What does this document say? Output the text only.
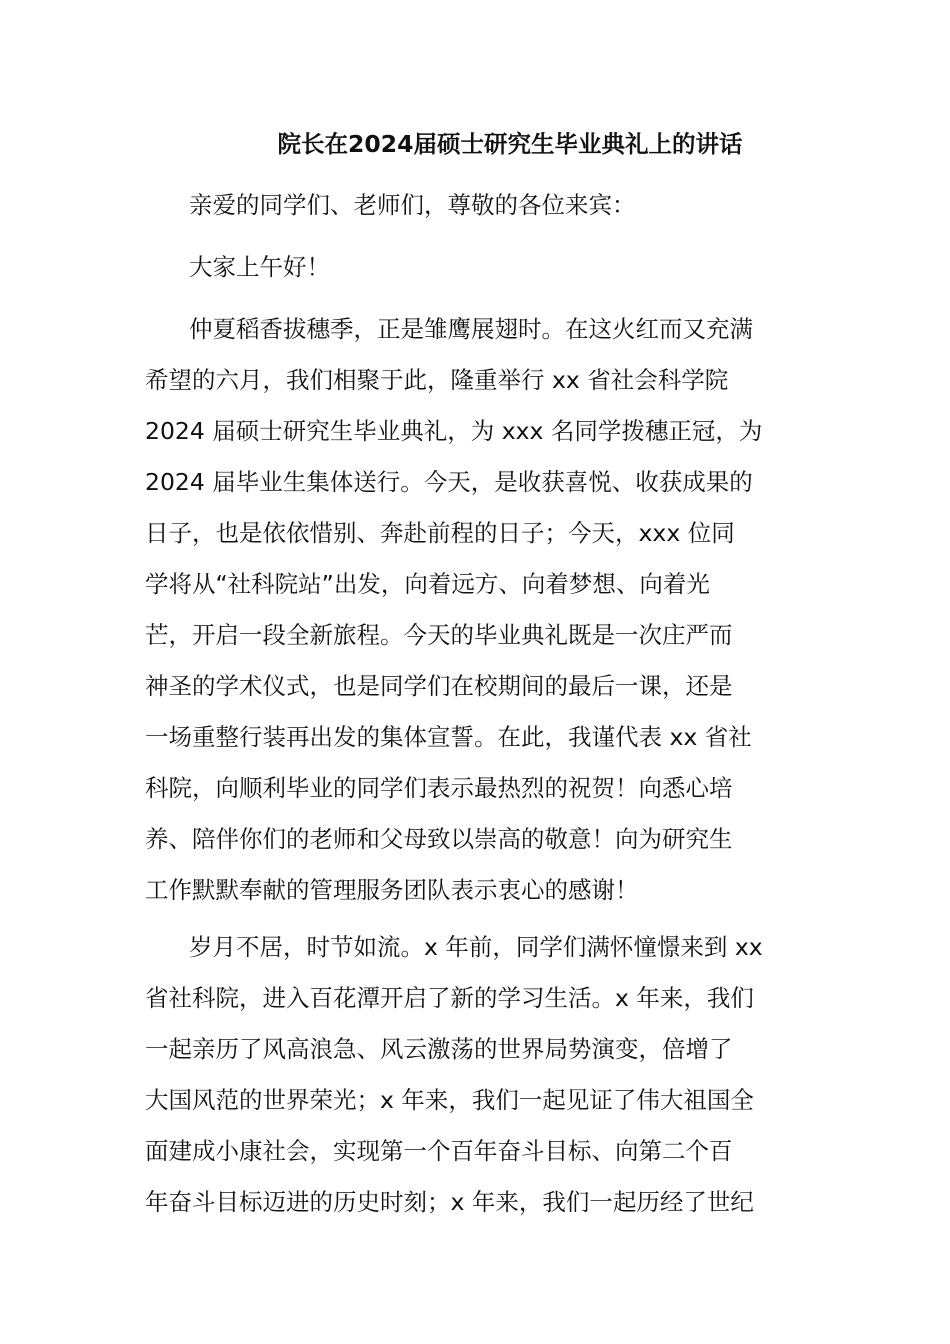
院长在2024届硕士研究生毕业典礼上的讲话
亲爱的同学们、老师们，尊敬的各位来宾：
大家上午好！
仲夏稻香拔穗季，正是雏鹰展翅时。在这火红而又充满
希望的六月，我们相聚于此，隆重举行 xx 省社会科学院
2024 届硕士研究生毕业典礼，为 xxx 名同学拨穗正冠，为
2024 届毕业生集体送行。今天，是收获喜悦、收获成果的
日子，也是依依惜别、奔赴前程的日子；今天，xxx 位同
学将从“社科院站”出发，向着远方、向着梦想、向着光
芒，开启一段全新旅程。今天的毕业典礼既是一次庄严而
神圣的学术仪式，也是同学们在校期间的最后一课，还是
一场重整行装再出发的集体宣誓。在此，我谨代表 xx 省社
科院，向顺利毕业的同学们表示最热烈的祝贺！向悉心培
养、陪伴你们的老师和父母致以崇高的敬意！向为研究生
工作默默奉献的管理服务团队表示衷心的感谢！
岁月不居，时节如流。x 年前，同学们满怀憧憬来到 xx
省社科院，进入百花潭开启了新的学习生活。x 年来，我们
一起亲历了风高浪急、风云激荡的世界局势演变，倍增了
大国风范的世界荣光；x 年来，我们一起见证了伟大祖国全
面建成小康社会，实现第一个百年奋斗目标、向第二个百
年奋斗目标迈进的历史时刻；x 年来，我们一起历经了世纪
